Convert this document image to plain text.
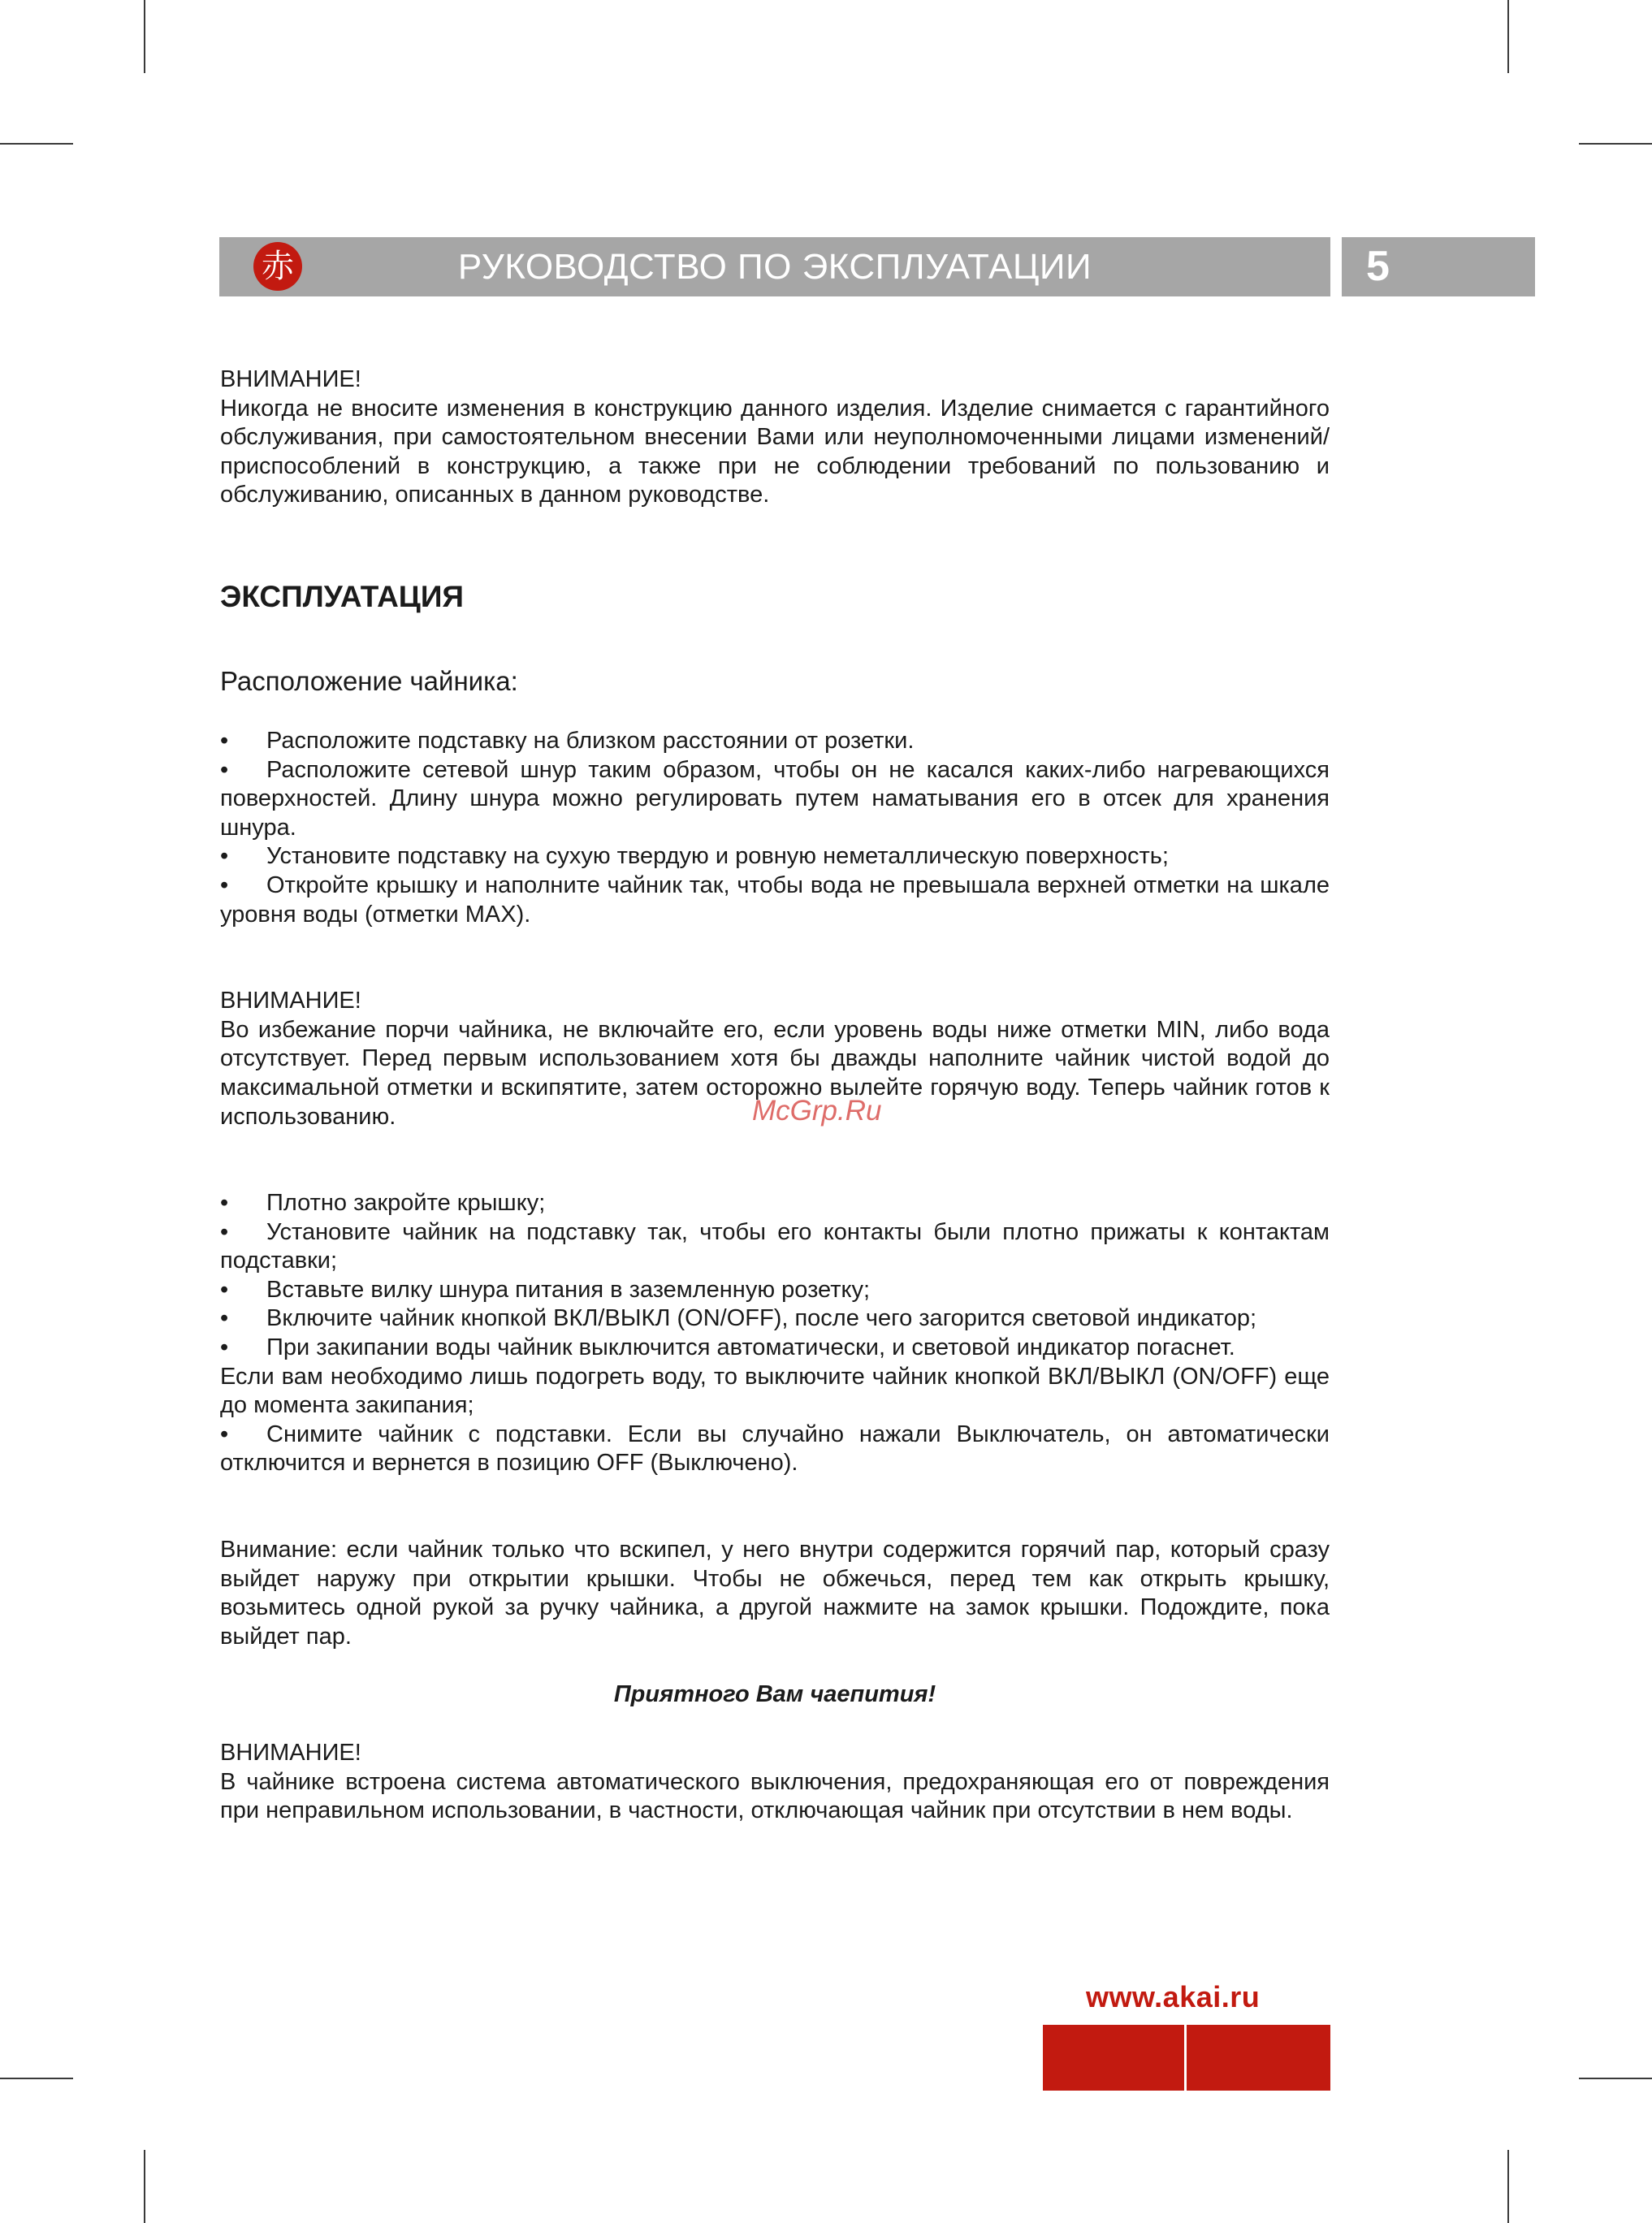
РУКОВОДСТВО ПО ЭКСПЛУАТАЦИИ
赤	5

ВНИМАНИЕ!

Никогда не вносите изменения в конструкцию данного изделия. Изделие снимается с гарантийного обслуживания, при самостоятельном внесении Вами или неуполномоченными лицами изменений/приспособлений в конструкцию, а также при не соблюдении требований по пользованию и обслуживанию, описанных в данном руководстве.

ЭКСПЛУАТАЦИЯ

Расположение чайника:

• Расположите подставку на близком расстоянии от розетки.

• Расположите сетевой шнур таким образом, чтобы он не касался каких-либо нагревающихся поверхностей. Длину шнура можно регулировать путем наматывания его в отсек для хранения шнура.

• Установите подставку на сухую твердую и ровную неметаллическую поверхность;

• Откройте крышку и наполните чайник так, чтобы вода не превышала верхней отметки на шкале уровня воды (отметки MAX).

ВНИМАНИЕ!

Во избежание порчи чайника, не включайте его, если уровень воды ниже отметки MIN, либо вода отсутствует. Перед первым использованием хотя бы дважды наполните чайник чистой водой до максимальной отметки и вскипятите, затем осторожно вылейте горячую воду. Теперь чайник готов к использованию.

• Плотно закройте крышку;

• Установите чайник на подставку так, чтобы его контакты были плотно прижаты к контактам подставки;

• Вставьте вилку шнура питания в заземленную розетку;

• Включите чайник кнопкой ВКЛ/ВЫКЛ (ON/OFF), после чего загорится световой индикатор;

• При закипании воды чайник выключится автоматически, и световой индикатор погаснет.

Если вам необходимо лишь подогреть воду, то выключите чайник кнопкой ВКЛ/ВЫКЛ (ON/OFF) еще до момента закипания;

• Снимите чайник с подставки. Если вы случайно нажали Выключатель, он автоматически отключится и вернется в позицию OFF (Выключено).

Внимание: если чайник только что вскипел, у него внутри содержится горячий пар, который сразу выйдет наружу при открытии крышки. Чтобы не обжечься, перед тем как открыть крышку, возьмитесь одной рукой за ручку чайника, а другой нажмите на замок крышки. Подождите, пока выйдет пар.

Приятного Вам чаепития!

ВНИМАНИЕ!

В чайнике встроена система автоматического выключения, предохраняющая его от повреждения при неправильном использовании, в частности, отключающая чайник при отсутствии в нем воды.

McGrp.Ru
www.akai.ru
